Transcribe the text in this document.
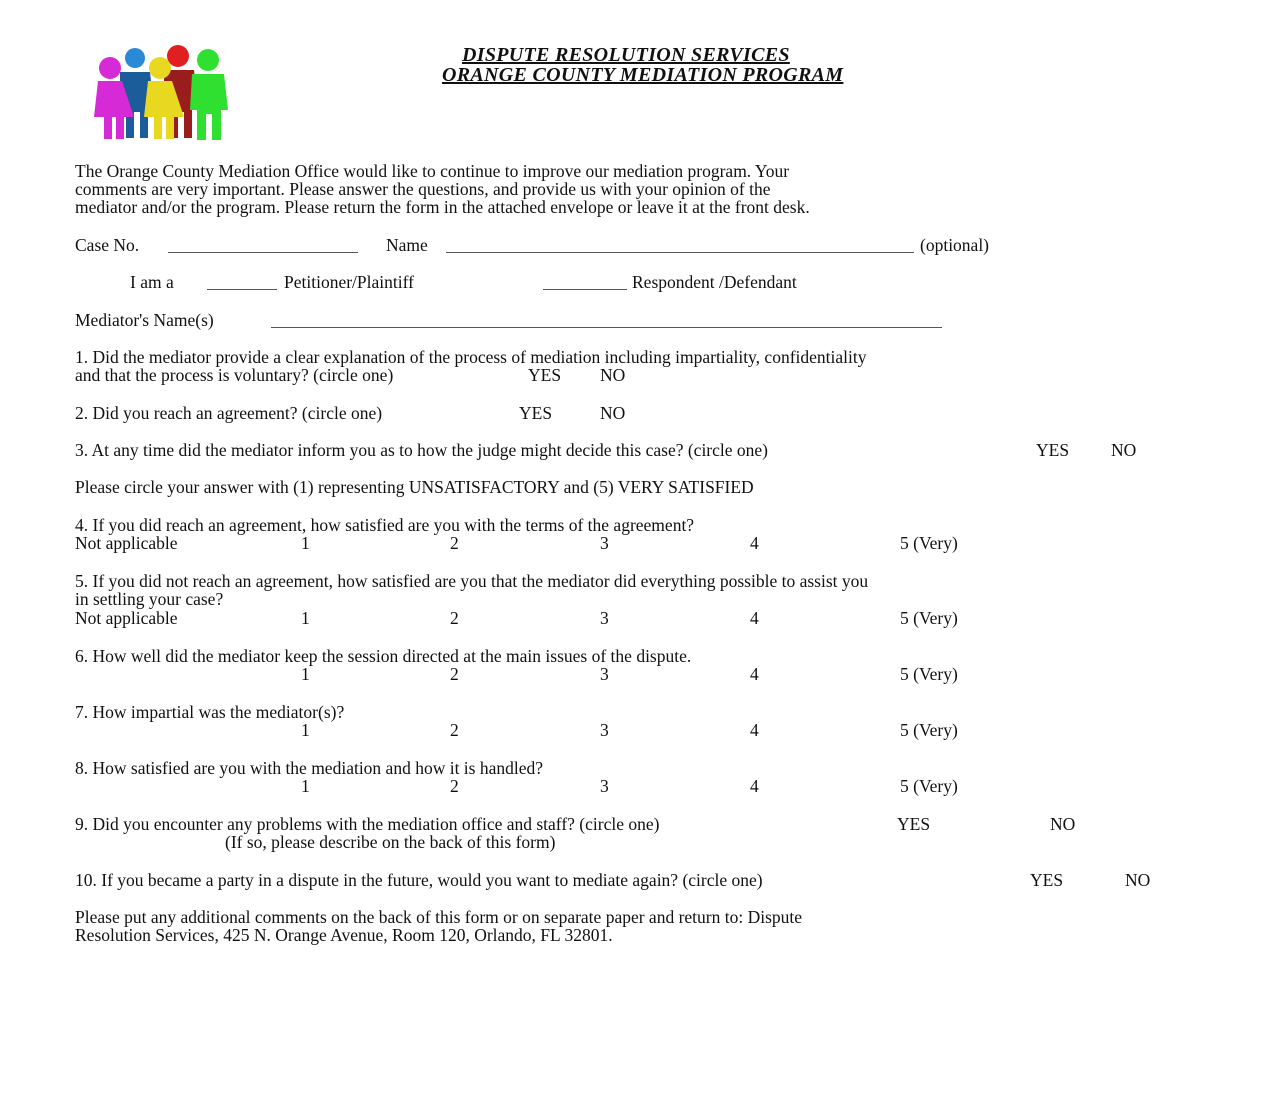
DISPUTE RESOLUTION SERVICES
ORANGE COUNTY MEDIATION PROGRAM
The Orange County Mediation Office would like to continue to improve our mediation program. Your
comments are very important. Please answer the questions, and provide us with your opinion of the
mediator and/or the program. Please return the form in the attached envelope or leave it at the front desk.
Case No.	Name	(optional)
I am a	Petitioner/Plaintiff	Respondent /Defendant
Mediator's Name(s)
1. Did the mediator provide a clear explanation of the process of mediation including impartiality, confidentiality
and that the process is voluntary? (circle one)	YES NO
2. Did you reach an agreement? (circle one)	YES	NO
3. At any time did the mediator inform you as to how the judge might decide this case? (circle one)	YES NO
Please circle your answer with (1) representing UNSATISFACTORY and (5) VERY SATISFIED
4. If you did reach an agreement, how satisfied are you with the terms of the agreement?
Not applicable	1	2	3	4	5 (Very)
5. If you did not reach an agreement, how satisfied are you that the mediator did everything possible to assist you
in settling your case?
Not applicable	1	2	3	4	5 (Very)
6. How well did the mediator keep the session directed at the main issues of the dispute.
1	2	3	4	5 (Very)
7. How impartial was the mediator(s)?
1	2	3	4	5 (Very)
8. How satisfied are you with the mediation and how it is handled?
1	2	3	4	5 (Very)
9. Did you encounter any problems with the mediation office and staff? (circle one)	YES	NO
(If so, please describe on the back of this form)
10. If you became a party in a dispute in the future, would you want to mediate again? (circle one)	YES	NO
Please put any additional comments on the back of this form or on separate paper and return to: Dispute
Resolution Services, 425 N. Orange Avenue, Room 120, Orlando, FL 32801.
